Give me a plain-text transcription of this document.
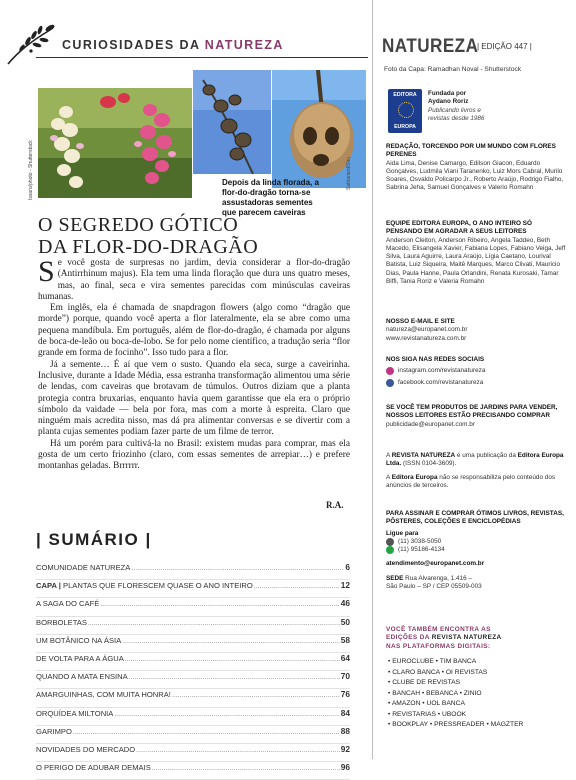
CURIOSIDADES DA NATUREZA
Issaro/photo - Shutterstock	Sathamed/Shu
Depois da linda florada, a flor-do-dragão torna-se assustadoras sementes que parecem caveiras
O SEGREDO GÓTICO
DA FLOR-DO-DRAGÃO

Se você gosta de surpresas no jardim, devia considerar a flor-do-dragão (Antirrhinum majus). Ela tem uma linda floração que dura uns quatro meses, mas, ao final, seca e vira sementes parecidas com minúsculas caveiras humanas.

Em inglês, ela é chamada de snapdragon flowers (algo como “dragão que morde”) porque, quando você aperta a flor lateralmente, ela se abre como uma pequena mandíbula. Em português, além de flor-do-dragão, é chamada por alguns de boca-de-leão ou boca-de-lobo. Se for pelo nome científico, a tradução seria “flor grande em forma de focinho”. Isso tudo para a flor.

Já a semente… É aí que vem o susto. Quando ela seca, surge a caveirinha. Inclusive, durante a Idade Média, essa estranha transformação alimentou uma série de lendas, com caveiras que brotavam de túmulos. Outros diziam que a planta protegia contra bruxarias, enquanto havia quem garantisse que ela era o próprio símbolo da vaidade — bela por fora, mas com a morte à espreita. Claro que ninguém mais acredita nisso, mas dá pra alimentar conversas e se divertir com a planta cujas sementes podiam fazer parte de um filme de terror.

Há um porém para cultivá-la no Brasil: existem mudas para comprar, mas ela gosta de um certo friozinho (claro, com essas sementes de arrepiar…) e prefere montanhas geladas. Brrrrrr.

R.A.
| SUMÁRIO |
COMUNIDADE NATUREZA .....	6
CAPA | PLANTAS QUE FLORESCEM QUASE O ANO INTEIRO .....	12
A SAGA DO CAFÉ .....	46
BORBOLETAS .....	50
UM BOTÂNICO NA ÁSIA .....	58
DE VOLTA PARA A ÁGUA .....	64
QUANDO A MATA ENSINA .....	70
AMARGUINHAS, COM MUITA HONRA! .....	76
ORQUÍDEA MILTONIA .....	84
GARIMPO .....	88
NOVIDADES DO MERCADO .....	92
O PERIGO DE ADUBAR DEMAIS .....	96
NATUREZA
| EDIÇÃO 447 |
Foto da Capa: Ramadhan Noval - Shutterstock
EDITORA
EUROPA
Fundada por
Aydano Roriz
Publicando livros e
revistas desde 1986
REDAÇÃO, TORCENDO POR UM MUNDO COM FLORES PERENES
Aida Lima, Denise Camargo, Edilson Giacon, Eduardo Gonçalves, Ludmila Viani Taranenko, Luiz Mors Cabral, Murilo Soares, Osvaldo Policarpo Jr., Roberto Araújo, Rodrigo Fialho, Sabrina Jeha, Samuel Gonçalves e Valerio Romahn
EQUIPE EDITORA EUROPA, O ANO INTEIRO SÓ PENSANDO EM AGRADAR A SEUS LEITORES
Anderson Cleiton, Anderson Ribeiro, Angela Taddeo, Beth Macedo, Elisangela Xavier, Fabiana Lopes, Fabiano Veiga, Jeff Silva, Laura Aguirre, Laura Araújo, Lígia Caetano, Lourival Batista, Luiz Siqueira, Maitê Marques, Marco Clivati, Mauricio Dias, Paula Hanne, Paula Orlandini, Renata Kurosaki, Tamar Biffi, Tania Roriz e Valeria Romahn
NOSSO E-MAIL E SITE
natureza@europanet.com.br
www.revistanatureza.com.br
NOS SIGA NAS REDES SOCIAIS
instagram.com/revistanatureza
facebook.com/revistanatureza
SE VOCÊ TEM PRODUTOS DE JARDINS PARA VENDER, NOSSOS LEITORES ESTÃO PRECISANDO COMPRAR
publicidade@europanet.com.br
A REVISTA NATUREZA é uma publicação da Editora Europa Ltda. (ISSN 0104-3609).
A Editora Europa não se responsabiliza pelo conteúdo dos anúncios de terceiros.
PARA ASSINAR E COMPRAR ÓTIMOS LIVROS, REVISTAS, PÔSTERES, COLEÇÕES E ENCICLOPÉDIAS
Ligue para
(11) 3038-5050
(11) 95186-4134
atendimento@europanet.com.br
SEDE Rua Alvarenga, 1.416 –
São Paulo – SP / CEP 05509-003
VOCÊ TAMBÉM ENCONTRA AS
EDIÇÕES DA REVISTA NATUREZA
NAS PLATAFORMAS DIGITAIS:
• EUROCLUBE • TIM BANCA
• CLARO BANCA • OI REVISTAS
• CLUBE DE REVISTAS
• BANCAH • BEBANCA • ZINIO
• AMAZON • UOL BANCA
• REVISTARIAS • UBOOK
• BOOKPLAY • PRESSREADER • MAGZTER
